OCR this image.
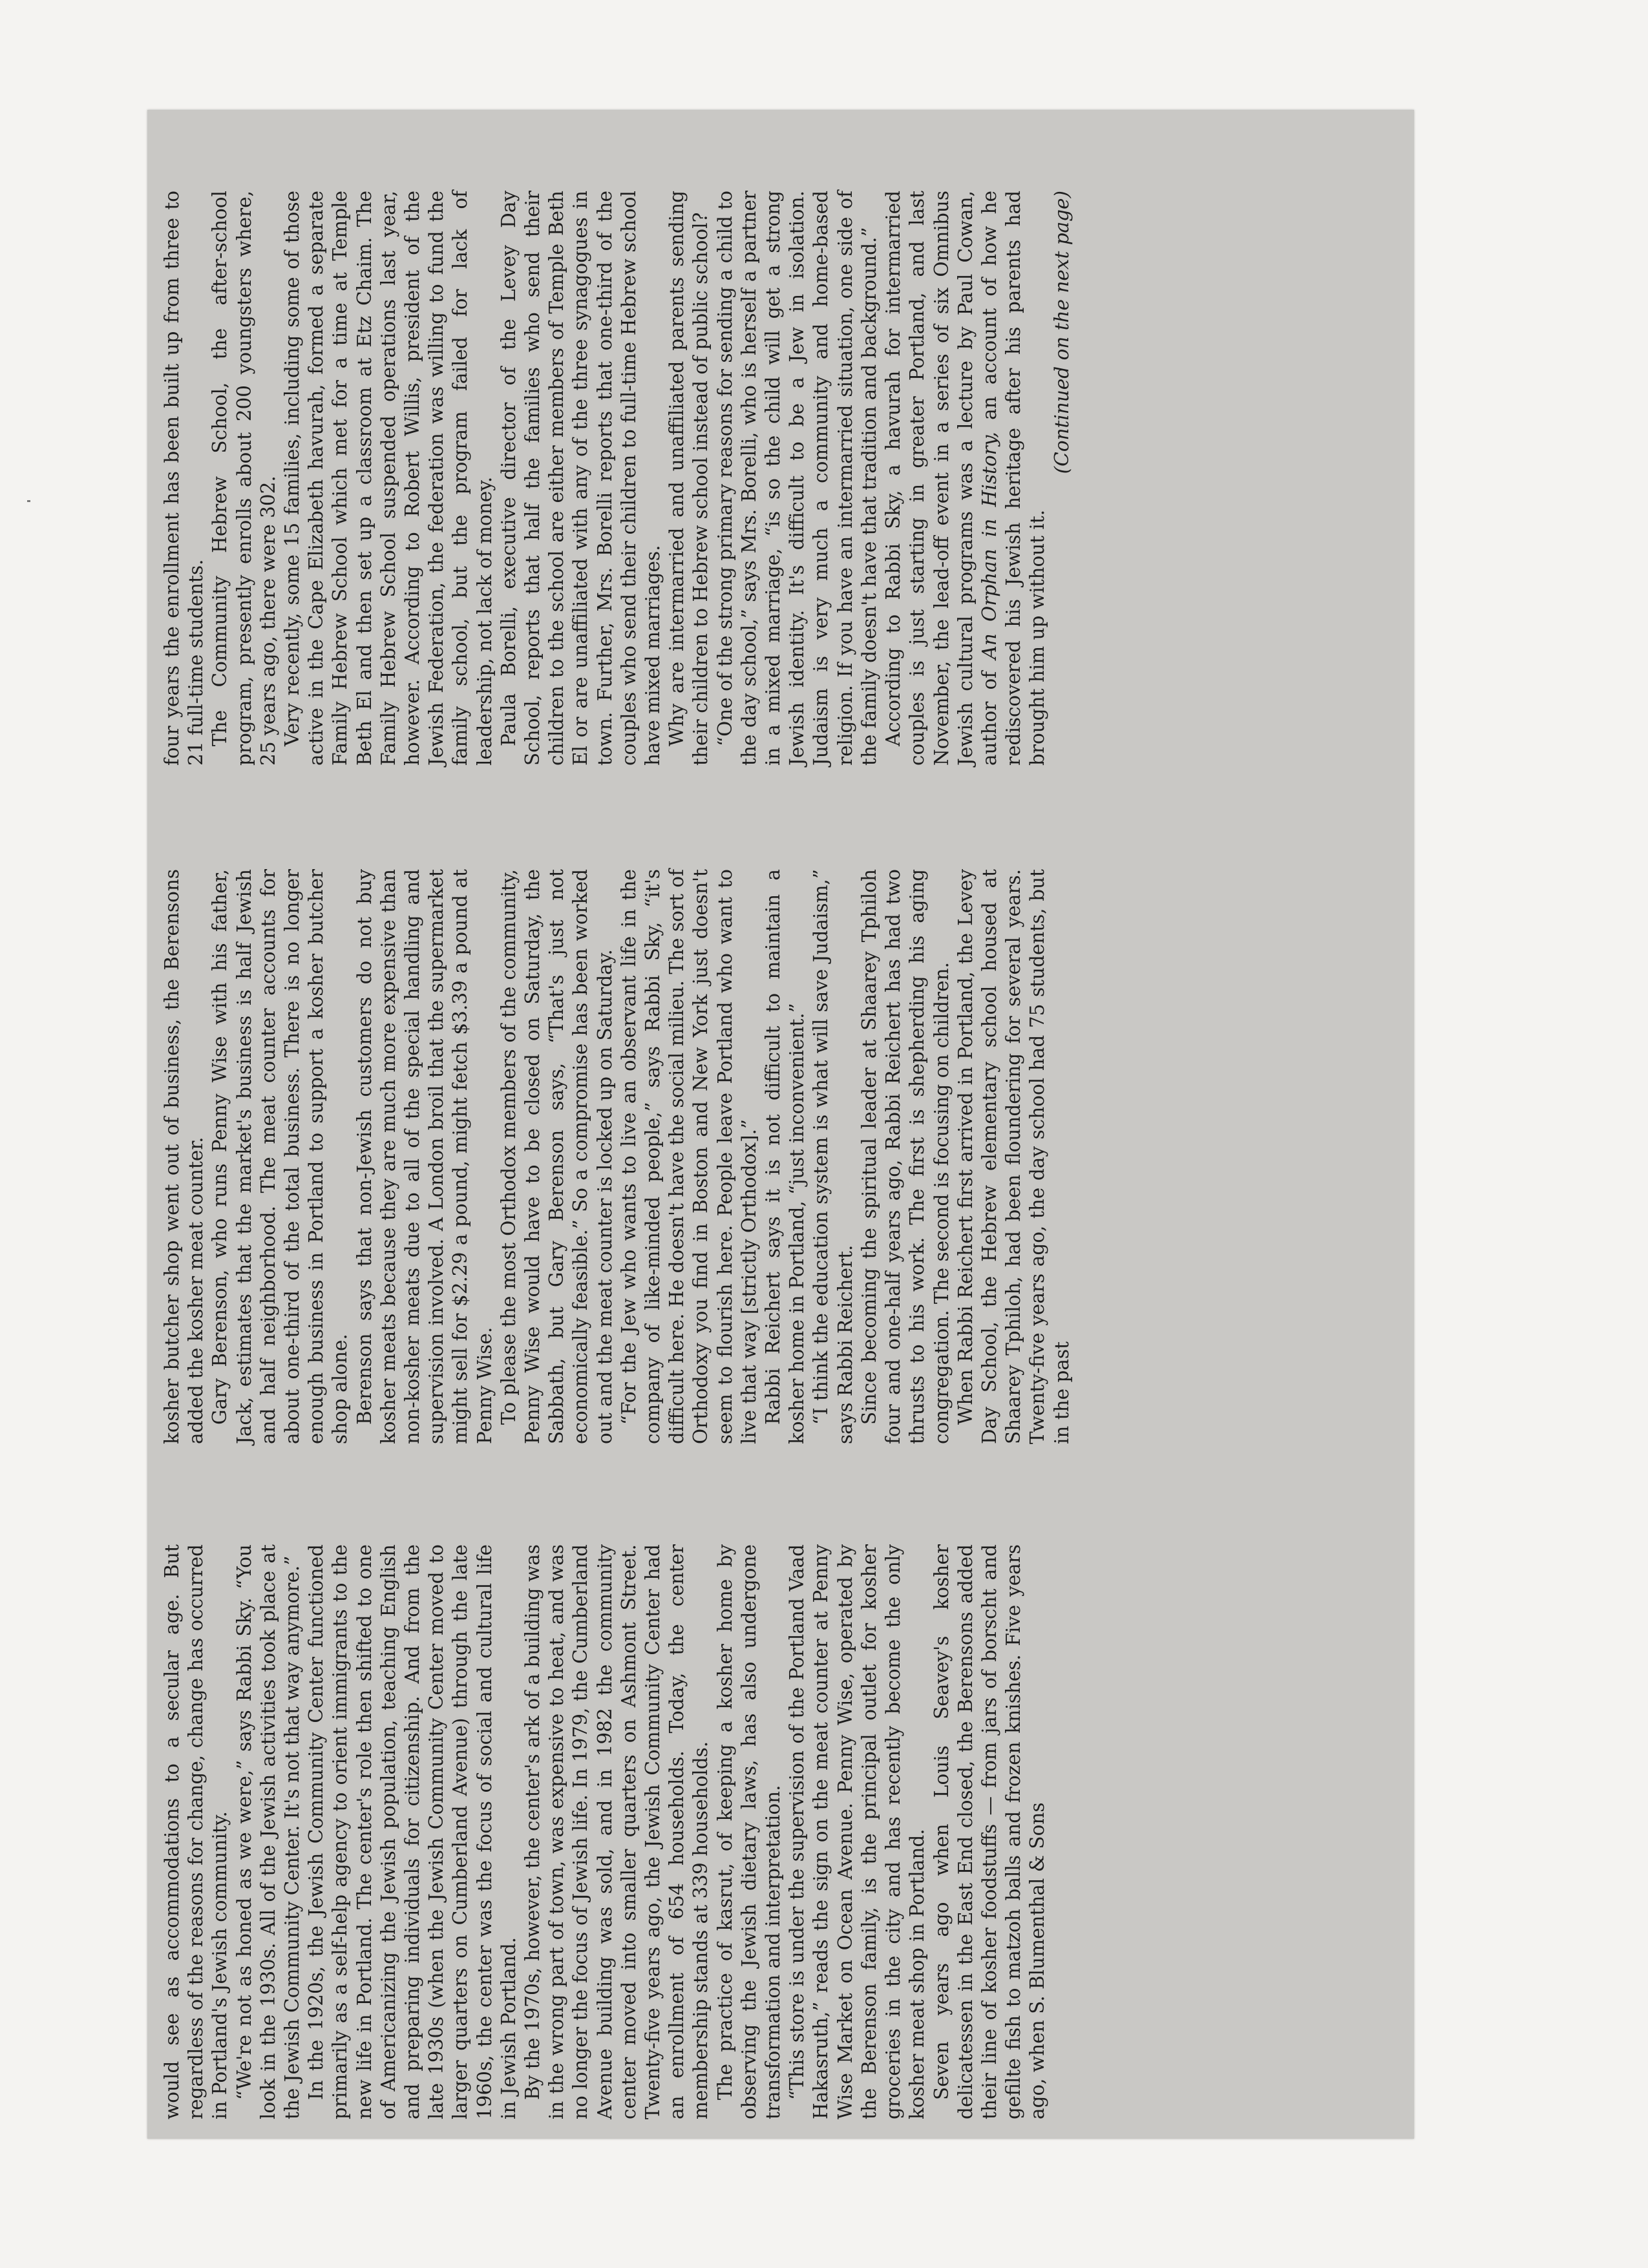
would see as accommodations to a secular age. But regardless of the reasons for change, change has occurred in Portland's Jewish community. “We're not as honed as we were,” says Rabbi Sky. “You look in the 1930s. All of the Jewish activities took place at the Jewish Community Center. It's not that way anymore.” In the 1920s, the Jewish Community Center functioned primarily as a self-help agency to orient immigrants to the new life in Portland. The center's role then shifted to one of Americanizing the Jewish population, teaching English and preparing individuals for citizenship. And from the late 1930s (when the Jewish Community Center moved to larger quarters on Cumberland Avenue) through the late 1960s, the center was the focus of social and cultural life in Jewish Portland. By the 1970s, however, the center's ark of a building was in the wrong part of town, was expensive to heat, and was no longer the focus of Jewish life. In 1979, the Cumberland Avenue building was sold, and in 1982 the community center moved into smaller quarters on Ashmont Street. Twenty-five years ago, the Jewish Community Center had an enrollment of 654 households. Today, the center membership stands at 339 households. The practice of kasrut, of keeping a kosher home by observing the Jewish dietary laws, has also undergone transformation and interpretation. “This store is under the supervision of the Portland Vaad Hakasruth,” reads the sign on the meat counter at Penny Wise Market on Ocean Avenue. Penny Wise, operated by the Berenson family, is the principal outlet for kosher groceries in the city and has recently become the only kosher meat shop in Portland. Seven years ago when Louis Seavey's kosher delicatessen in the East End closed, the Berensons added their line of kosher foodstuffs — from jars of borscht and gefilte fish to matzoh balls and frozen knishes. Five years ago, when S. Blumenthal & Sons

kosher butcher shop went out of business, the Berensons added the kosher meat counter. Gary Berenson, who runs Penny Wise with his father, Jack, estimates that the market's business is half Jewish and half neighborhood. The meat counter accounts for about one-third of the total business. There is no longer enough business in Portland to support a kosher butcher shop alone. Berenson says that non-Jewish customers do not buy kosher meats because they are much more expensive than non-kosher meats due to all of the special handling and supervision involved. A London broil that the supermarket might sell for $2.29 a pound, might fetch $3.39 a pound at Penny Wise. To please the most Orthodox members of the community, Penny Wise would have to be closed on Saturday, the Sabbath, but Gary Berenson says, “That's just not economically feasible.” So a compromise has been worked out and the meat counter is locked up on Saturday. “For the Jew who wants to live an observant life in the company of like-minded people,” says Rabbi Sky, “it's difficult here. He doesn't have the social milieu. The sort of Orthodoxy you find in Boston and New York just doesn't seem to flourish here. People leave Portland who want to live that way [strictly Orthodox].” Rabbi Reichert says it is not difficult to maintain a kosher home in Portland, “just inconvenient.” “I think the education system is what will save Judaism,” says Rabbi Reichert. Since becoming the spiritual leader at Shaarey Tphiloh four and one-half years ago, Rabbi Reichert has had two thrusts to his work. The first is shepherding his aging congregation. The second is focusing on children. When Rabbi Reichert first arrived in Portland, the Levey Day School, the Hebrew elementary school housed at Shaarey Tphiloh, had been floundering for several years. Twenty-five years ago, the day school had 75 students, but in the past

four years the enrollment has been built up from three to 21 full-time students. The Community Hebrew School, the after-school program, presently enrolls about 200 youngsters where, 25 years ago, there were 302. Very recently, some 15 families, including some of those active in the Cape Elizabeth havurah, formed a separate Family Hebrew School which met for a time at Temple Beth El and then set up a classroom at Etz Chaim. The Family Hebrew School suspended operations last year, however. According to Robert Willis, president of the Jewish Federation, the federation was willing to fund the family school, but the program failed for lack of leadership, not lack of money. Paula Borelli, executive director of the Levey Day School, reports that half the families who send their children to the school are either members of Temple Beth El or are unaffiliated with any of the three synagogues in town. Further, Mrs. Borelli reports that one-third of the couples who send their children to full-time Hebrew school have mixed marriages. Why are intermarried and unaffiliated parents sending their children to Hebrew school instead of public school? “One of the strong primary reasons for sending a child to the day school,” says Mrs. Borelli, who is herself a partner in a mixed marriage, “is so the child will get a strong Jewish identity. It's difficult to be a Jew in isolation. Judaism is very much a community and home-based religion. If you have an intermarried situation, one side of the family doesn't have that tradition and background.” According to Rabbi Sky, a havurah for intermarried couples is just starting in greater Portland, and last November, the lead-off event in a series of six Omnibus Jewish cultural programs was a lecture by Paul Cowan, author of An Orphan in History, an account of how he rediscovered his Jewish heritage after his parents had brought him up without it.

(Continued on the next page)
